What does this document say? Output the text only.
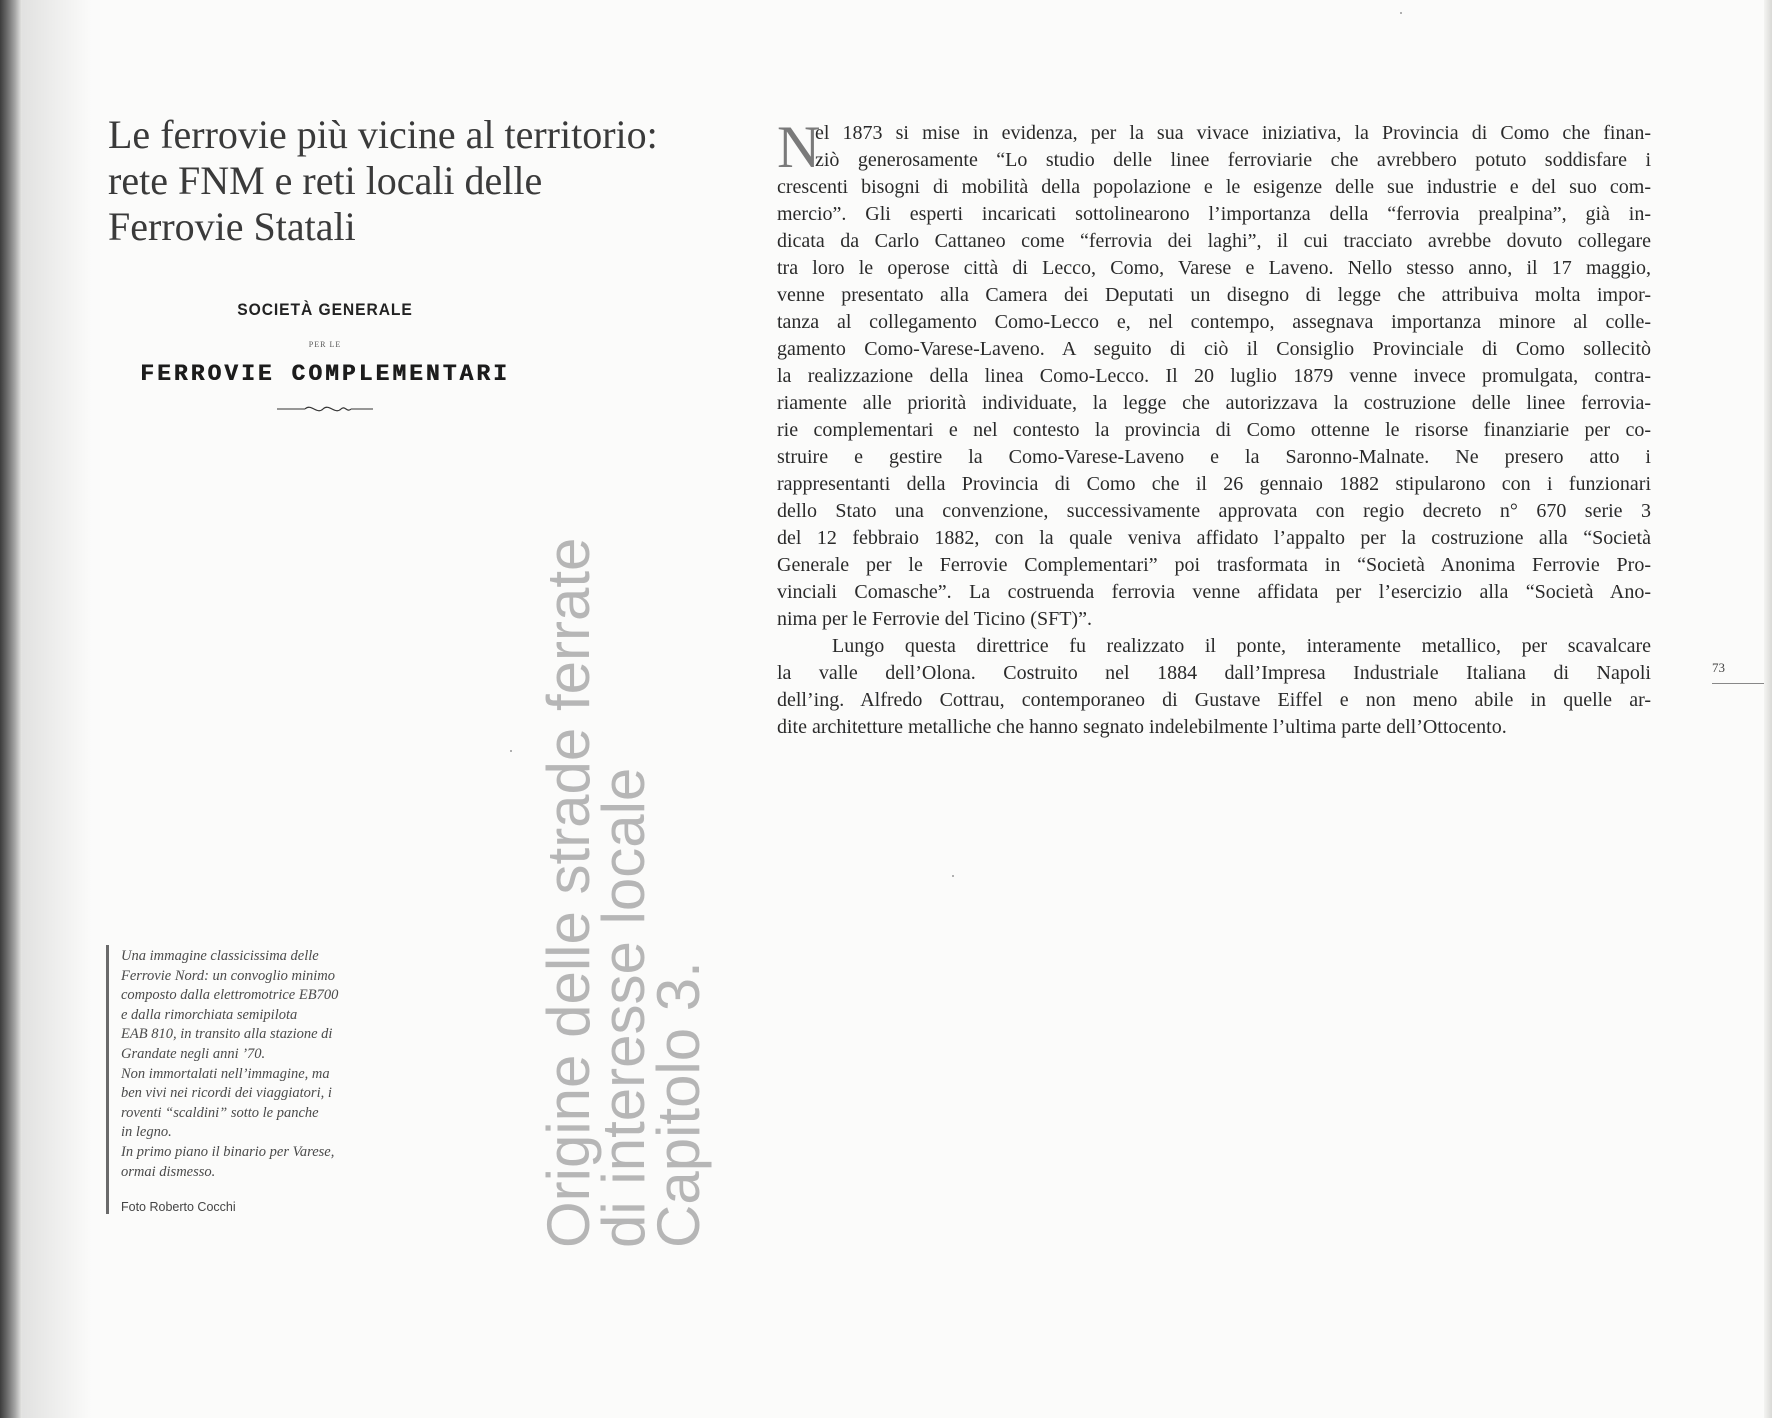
Le ferrovie più vicine al territorio:
rete FNM e reti locali delle
Ferrovie Statali
SOCIETÀ GENERALE
PER LE
FERROVIE COMPLEMENTARI
Origine delle strade ferrate
di interesse locale
Capitolo 3.

Una immagine classicissima delle
Ferrovie Nord: un convoglio minimo
composto dalla elettromotrice EB700
e dalla rimorchiata semipilota
EAB 810, in transito alla stazione di
Grandate negli anni ’70.
Non immortalati nell’immagine, ma
ben vivi nei ricordi dei viaggiatori, i
roventi “scaldini” sotto le panche
in legno.
In primo piano il binario per Varese,
ormai dismesso.

Foto Roberto Cocchi
N
el 1873 si mise in evidenza, per la sua vivace iniziativa, la Provincia di Como che finan-
ziò generosamente “Lo studio delle linee ferroviarie che avrebbero potuto soddisfare i
crescenti bisogni di mobilità della popolazione e le esigenze delle sue industrie e del suo com-
mercio”. Gli esperti incaricati sottolinearono l’importanza della “ferrovia prealpina”, già in-
dicata da Carlo Cattaneo come “ferrovia dei laghi”, il cui tracciato avrebbe dovuto collegare
tra loro le operose città di Lecco, Como, Varese e Laveno. Nello stesso anno, il 17 maggio,
venne presentato alla Camera dei Deputati un disegno di legge che attribuiva molta impor-
tanza al collegamento Como-Lecco e, nel contempo, assegnava importanza minore al colle-
gamento Como-Varese-Laveno. A seguito di ciò il Consiglio Provinciale di Como sollecitò
la realizzazione della linea Como-Lecco. Il 20 luglio 1879 venne invece promulgata, contra-
riamente alle priorità individuate, la legge che autorizzava la costruzione delle linee ferrovia-
rie complementari e nel contesto la provincia di Como ottenne le risorse finanziarie per co-
struire e gestire la Como-Varese-Laveno e la Saronno-Malnate. Ne presero atto i
rappresentanti della Provincia di Como che il 26 gennaio 1882 stipularono con i funzionari
dello Stato una convenzione, successivamente approvata con regio decreto n° 670 serie 3
del 12 febbraio 1882, con la quale veniva affidato l’appalto per la costruzione alla “Società
Generale per le Ferrovie Complementari” poi trasformata in “Società Anonima Ferrovie Pro-
vinciali Comasche”. La costruenda ferrovia venne affidata per l’esercizio alla “Società Ano-
nima per le Ferrovie del Ticino (SFT)”.
Lungo questa direttrice fu realizzato il ponte, interamente metallico, per scavalcare
la valle dell’Olona. Costruito nel 1884 dall’Impresa Industriale Italiana di Napoli
dell’ing. Alfredo Cottrau, contemporaneo di Gustave Eiffel e non meno abile in quelle ar-
dite architetture metalliche che hanno segnato indelebilmente l’ultima parte dell’Ottocento.
73
